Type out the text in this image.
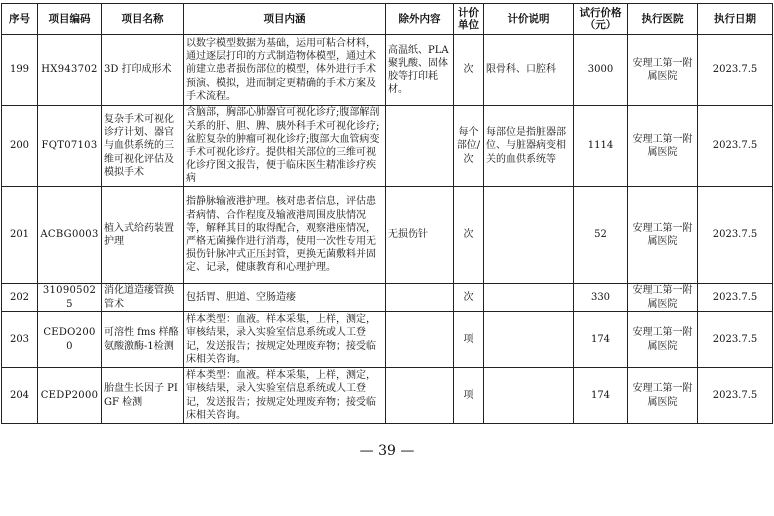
序号	项目编码	项目名称	项目内涵	除外内容	计价单位	计价说明	试行价格（元）	执行医院	执行日期
199	HX943702	3D 打印成形术	以数字模型数据为基础，运用可粘合材料，通过逐层打印的方式制造物体模型，通过术前建立患者损伤部位的模型，体外进行手术预演、模拟，进而制定更精确的手术方案及手术流程。	高温纸、PLA聚乳酸、固体胶等打印耗材。	次	限骨科、口腔科	3000	安理工第一附属医院	2023.7.5
200	FQT07103	复杂手术可视化诊疗计划、器官与血供系统的三维可视化评估及模拟手术	含脑部，胸部心肺器官可视化诊疗;腹部解剖关系的肝、胆、脾、胰外科手术可视化诊疗;盆腔复杂的肿瘤可视化诊疗;腹部大血管病变手术可视化诊疗。提供相关部位的三维可视化诊疗图文报告，便于临床医生精准诊疗疾病		每个部位/次	每部位是指脏器部位、与脏器病变相关的血供系统等	1114	安理工第一附属医院	2023.7.5
201	ACBG0003	植入式给药装置护理	指静脉输液港护理。核对患者信息，评估患者病情、合作程度及输液港周围皮肤情况等，解释其目的取得配合，观察港座情况，严格无菌操作进行消毒，使用一次性专用无损伤针脉冲式正压封管，更换无菌敷料并固定、记录，健康教育和心理护理。	无损伤针	次		52	安理工第一附属医院	2023.7.5
202	310905025	消化道造瘘管换管术	包括胃、胆道、空肠造瘘		次		330	安理工第一附属医院	2023.7.5
203	CEDO2000	可溶性 fms 样酪氨酸激酶-1检测	样本类型：血液。样本采集，上样，测定，审核结果，录入实验室信息系统或人工登记，发送报告；按规定处理废弃物；接受临床相关咨询。		项		174	安理工第一附属医院	2023.7.5
204	CEDP2000	胎盘生长因子 PIGF 检测	样本类型：血液。样本采集，上样，测定，审核结果，录入实验室信息系统或人工登记，发送报告；按规定处理废弃物；接受临床相关咨询。		项		174	安理工第一附属医院	2023.7.5
— 39 —
